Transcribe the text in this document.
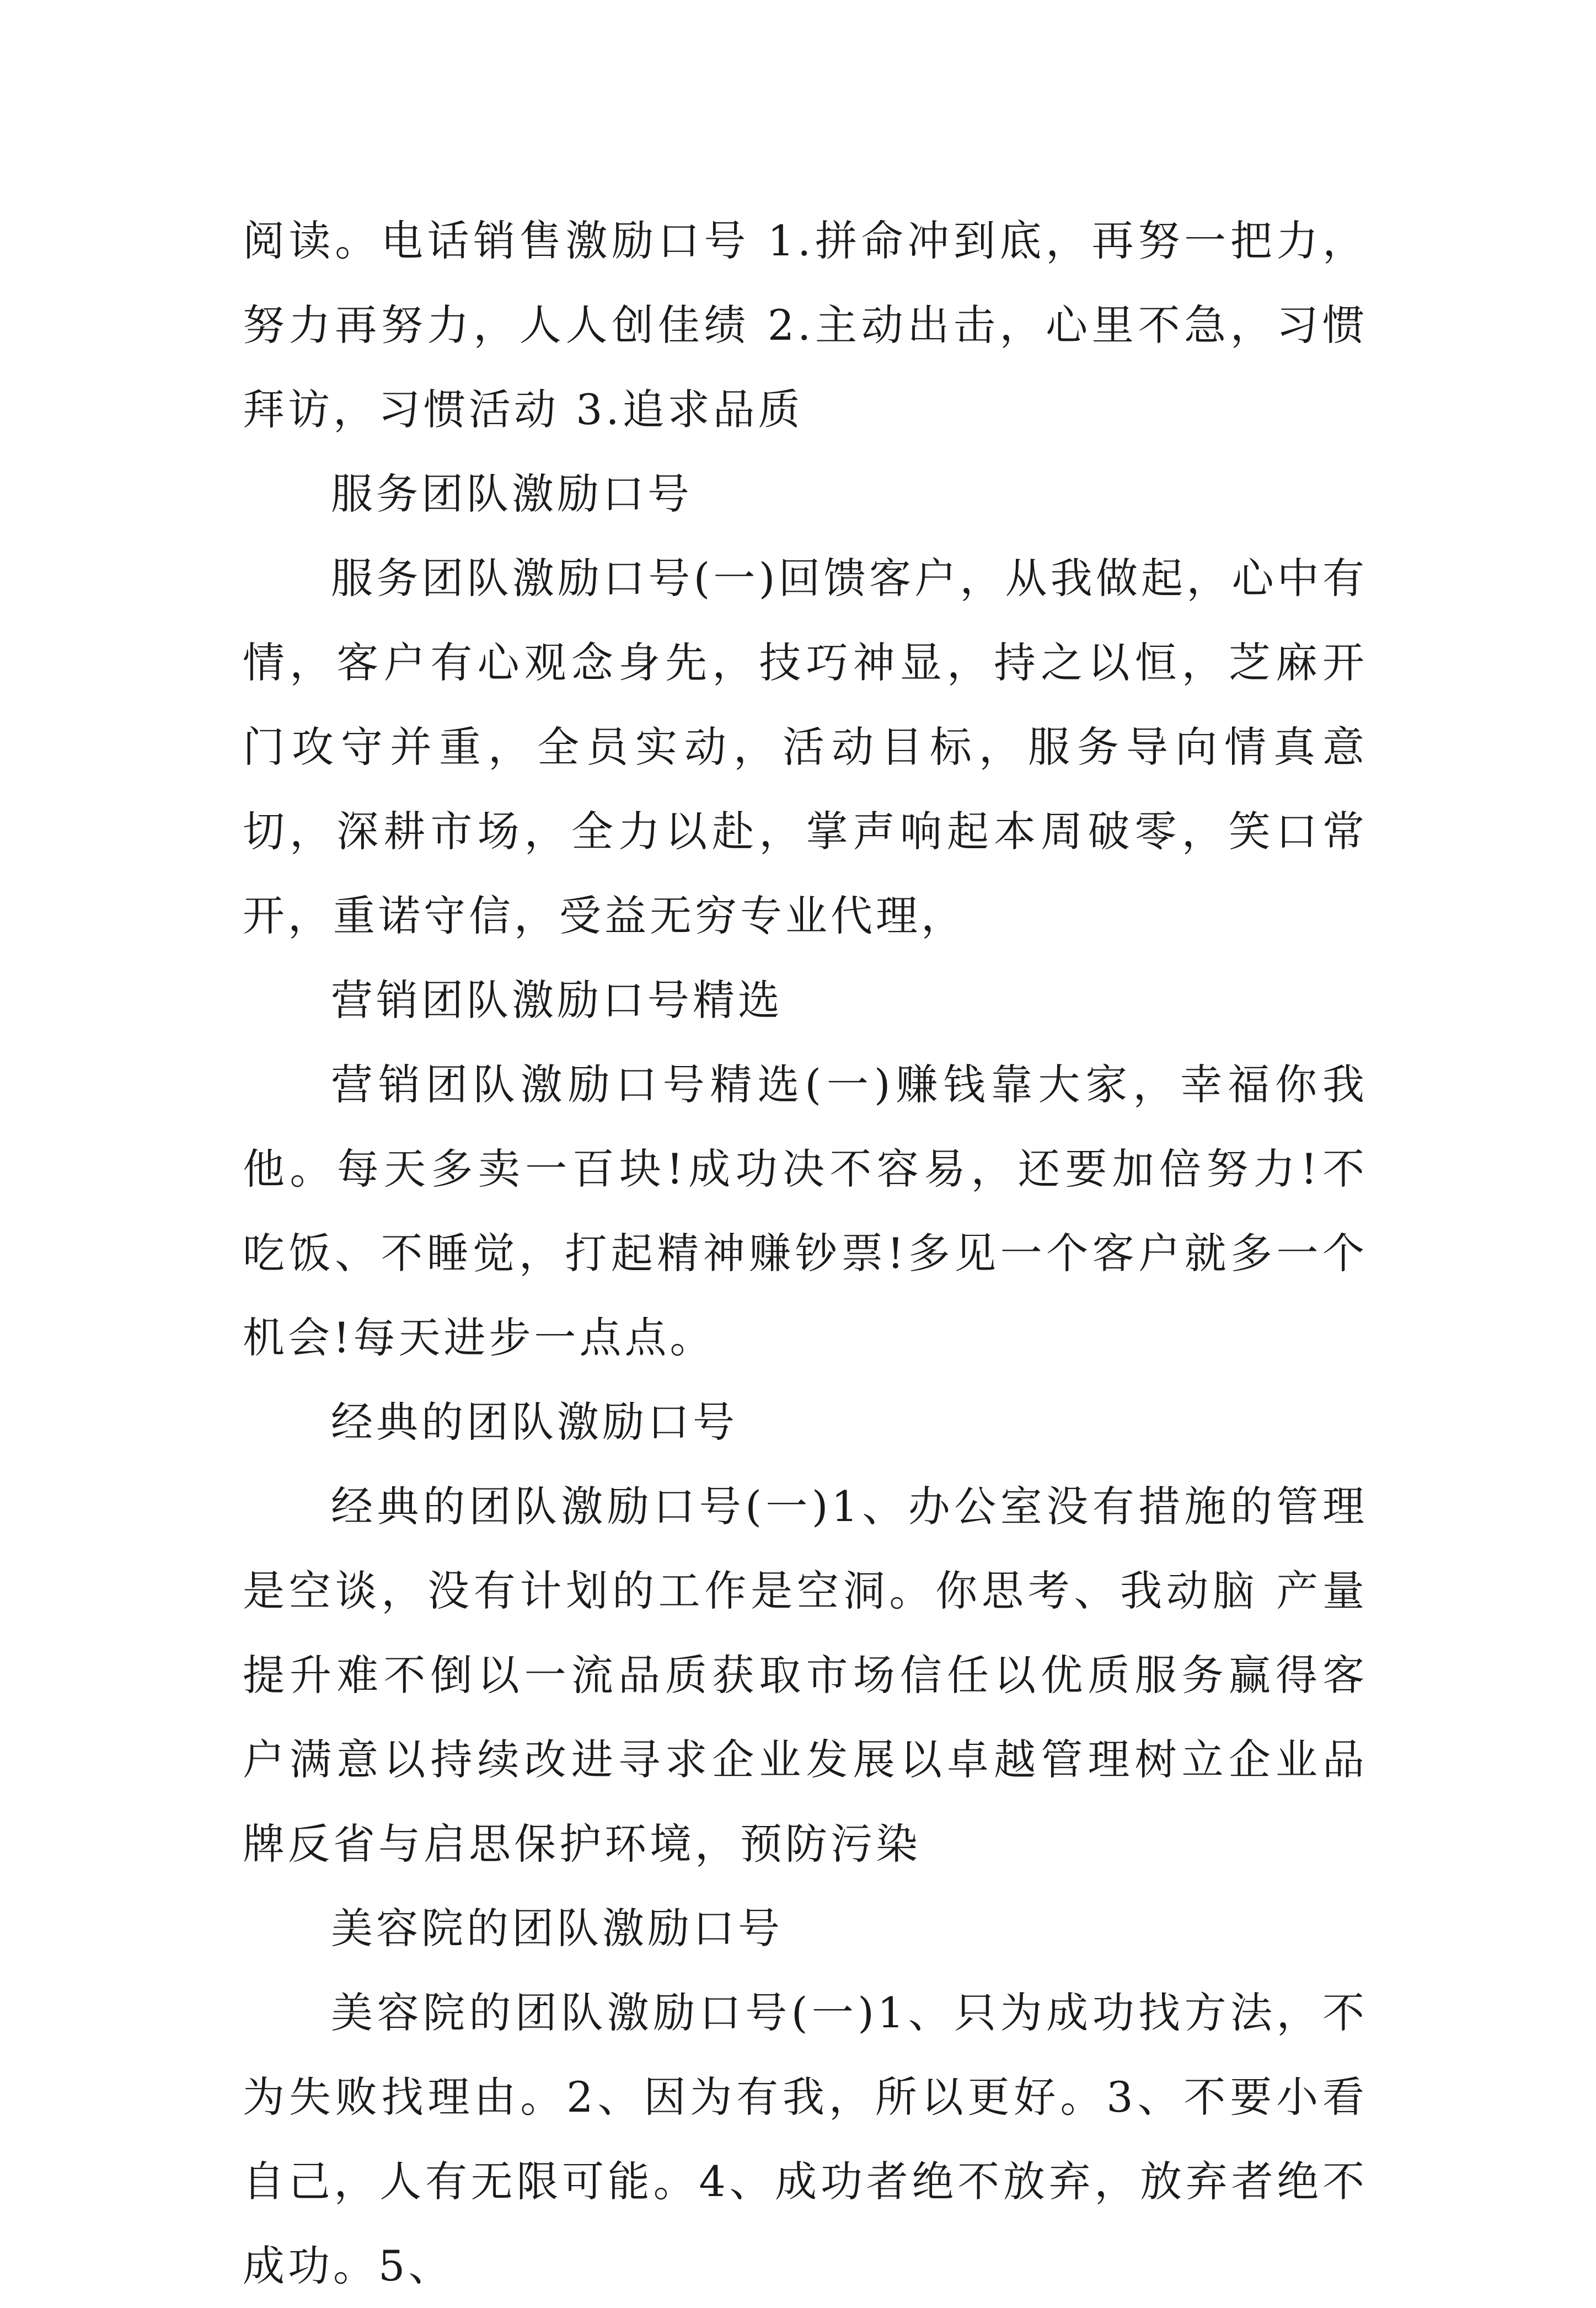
阅读。电话销售激励口号 1.拼命冲到底，再努一把力，努力再努力，人人创佳绩 2.主动出击，心里不急，习惯拜访，习惯活动 3.追求品质

服务团队激励口号

服务团队激励口号(一)回馈客户，从我做起，心中有情，客户有心观念身先，技巧神显，持之以恒，芝麻开门攻守并重，全员实动，活动目标，服务导向情真意切，深耕市场，全力以赴，掌声响起本周破零，笑口常开，重诺守信，受益无穷专业代理，

营销团队激励口号精选

营销团队激励口号精选(一)赚钱靠大家，幸福你我他。每天多卖一百块!成功决不容易，还要加倍努力!不吃饭、不睡觉，打起精神赚钞票!多见一个客户就多一个机会!每天进步一点点。

经典的团队激励口号

经典的团队激励口号(一)1、办公室没有措施的管理是空谈，没有计划的工作是空洞。你思考、我动脑 产量提升难不倒以一流品质获取市场信任以优质服务赢得客户满意以持续改进寻求企业发展以卓越管理树立企业品牌反省与启思保护环境，预防污染

美容院的团队激励口号

美容院的团队激励口号(一)1、只为成功找方法，不为失败找理由。2、因为有我，所以更好。3、不要小看自己，人有无限可能。4、成功者绝不放弃，放弃者绝不成功。5、
